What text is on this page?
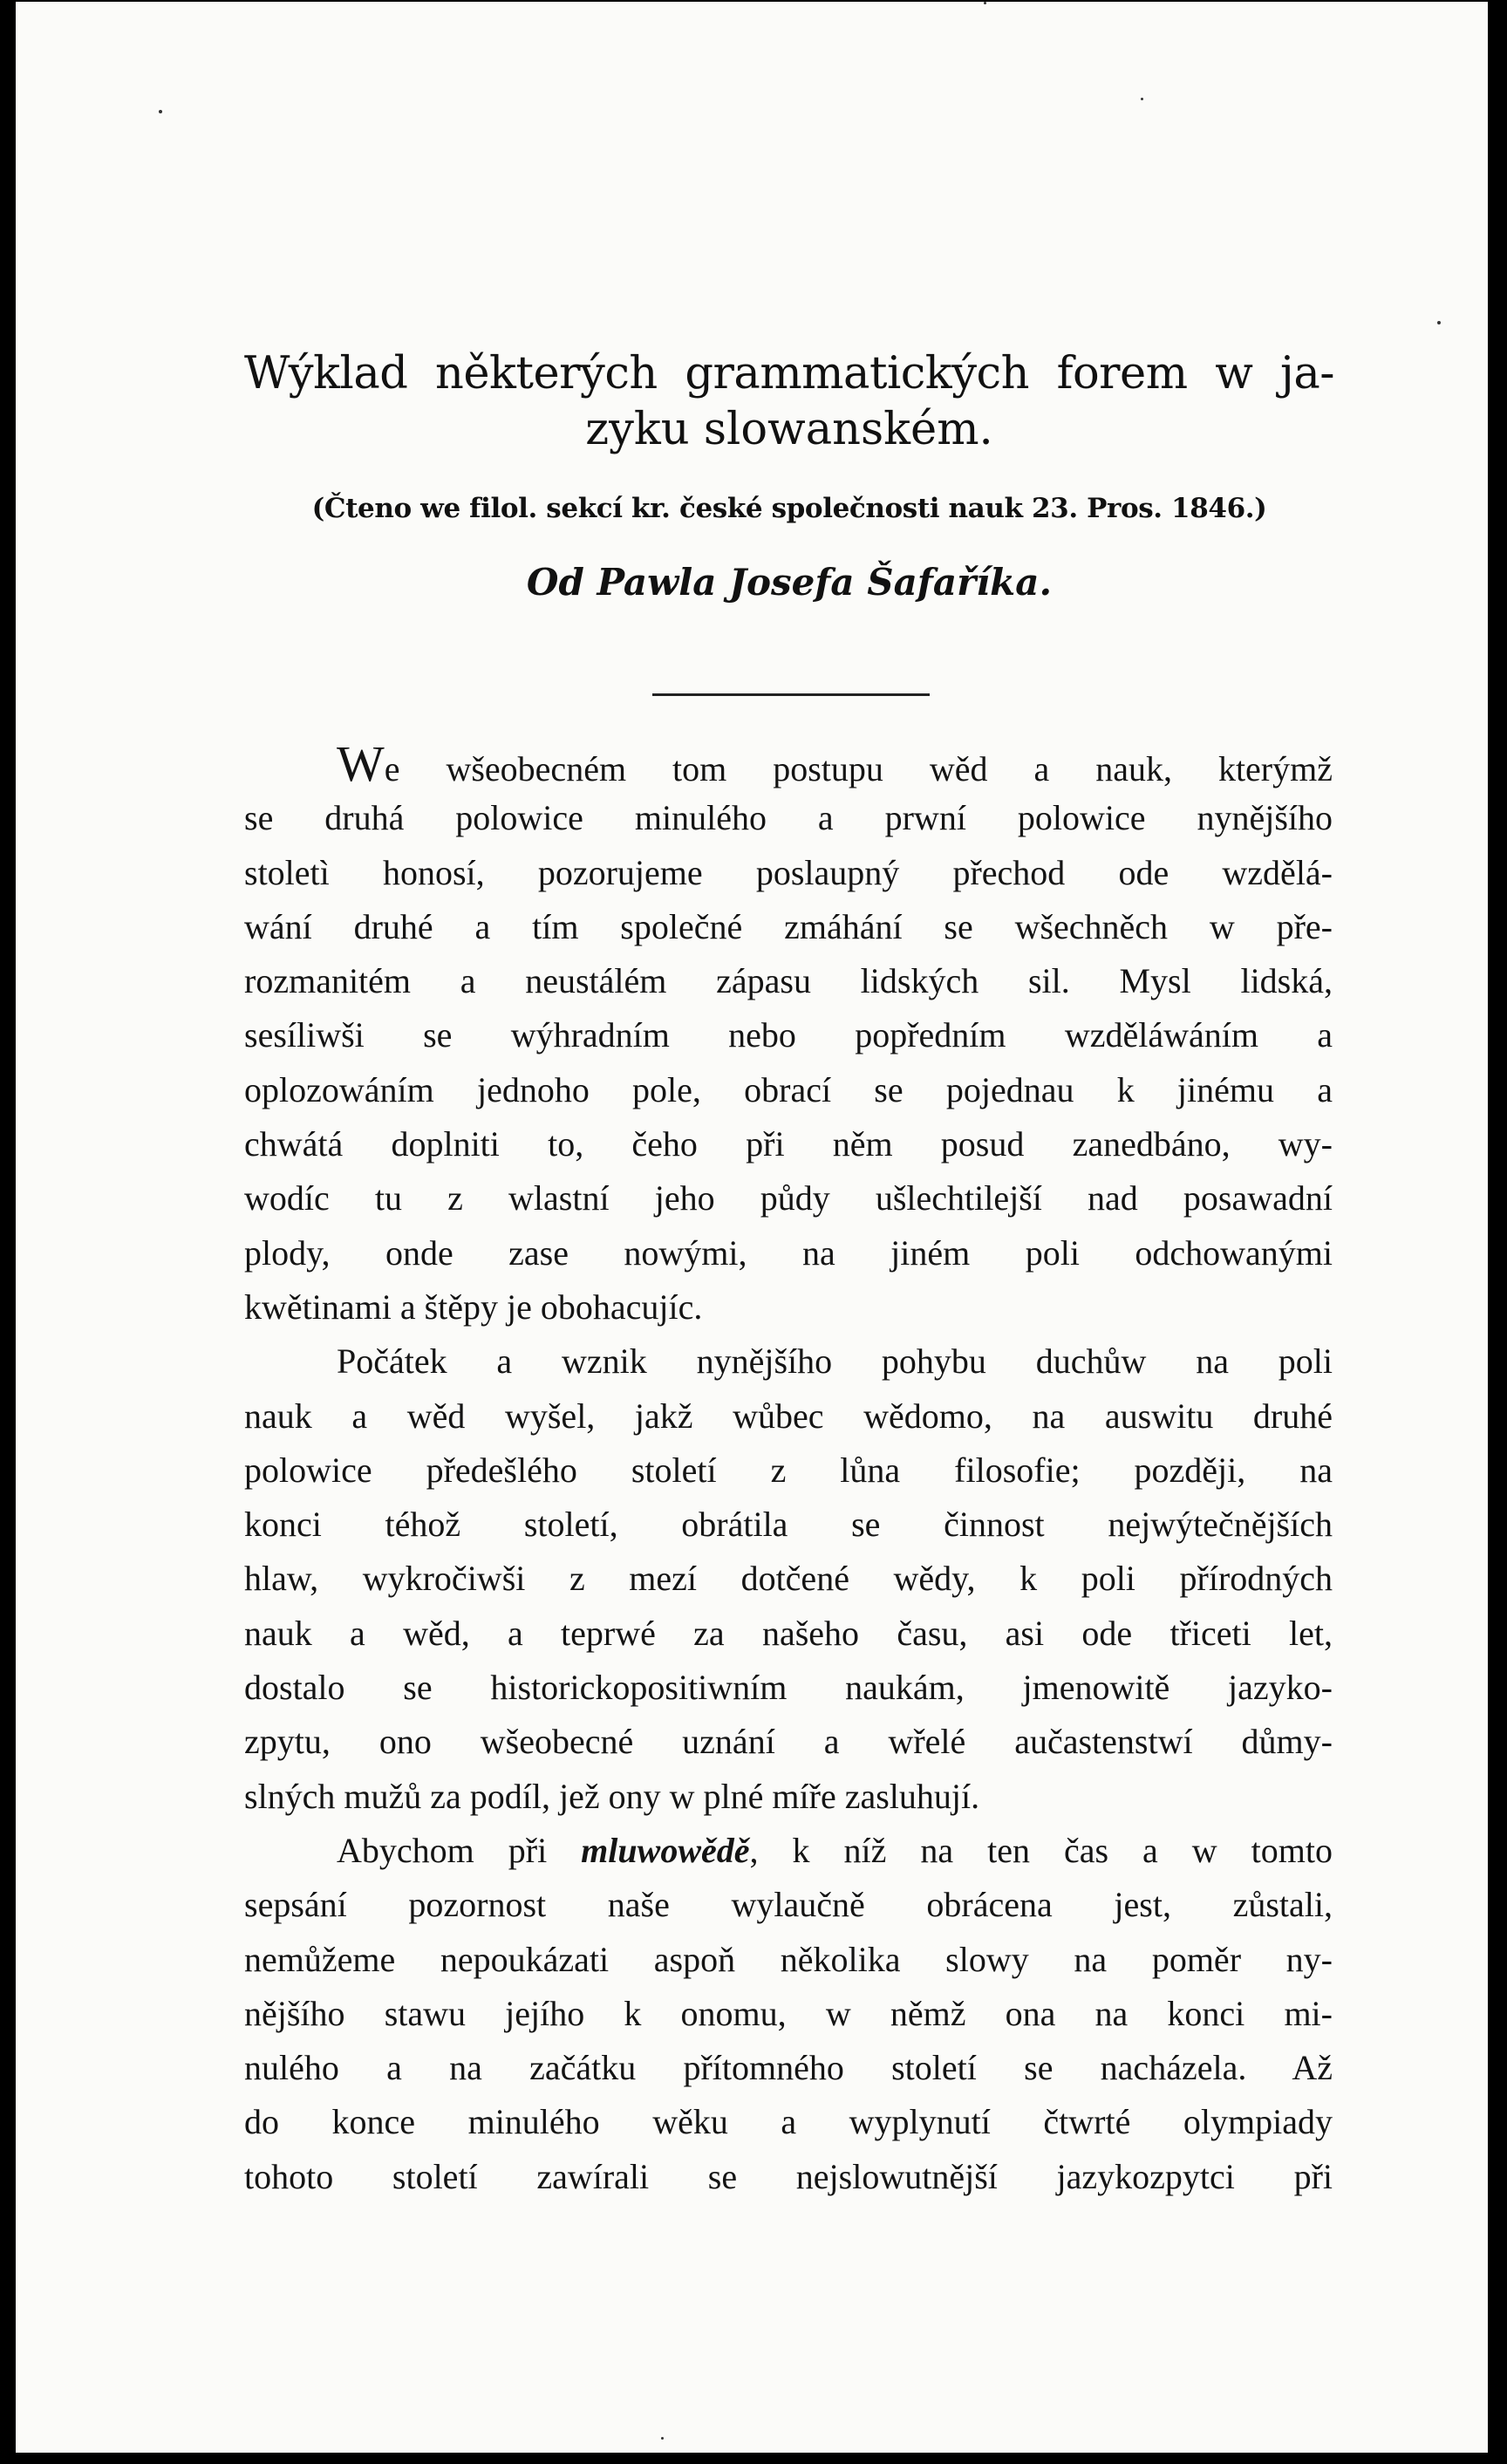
Wýklad některých grammatických forem w ja-
zyku slowanském.
(Čteno we filol. sekcí kr. české společnosti nauk 23. Pros. 1846.)
Od Pawla Josefa Šafaříka.
We wšeobecném tom postupu wěd a nauk, kterýmž
se druhá polowice minulého a prwní polowice nynějšího
stoletì honosí, pozorujeme poslaupný přechod ode wzdělá-
wání druhé a tím společné zmáhání se wšechněch w pře-
rozmanitém a neustálém zápasu lidských sil. Mysl lidská,
sesíliwši se wýhradním nebo popředním wzděláwáním a
oplozowáním jednoho pole, obrací se pojednau k jinému a
chwátá doplniti to, čeho při něm posud zanedbáno, wy-
wodíc tu z wlastní jeho půdy ušlechtilejší nad posawadní
plody, onde zase nowými, na jiném poli odchowanými
kwětinami a štěpy je obohacujíc.
Počátek a wznik nynějšího pohybu duchůw na poli
nauk a wěd wyšel, jakž wůbec wědomo, na auswitu druhé
polowice předešlého století z lůna filosofie; později, na
konci téhož století, obrátila se činnost nejwýtečnějších
hlaw, wykročiwši z mezí dotčené wědy, k poli přírodných
nauk a wěd, a teprwé za našeho času, asi ode třiceti let,
dostalo se historickopositiwním naukám, jmenowitě jazyko-
zpytu, ono wšeobecné uznání a wřelé aučastenstwí důmy-
slných mužů za podíl, jež ony w plné míře zasluhují.
Abychom při mluwowědě, k níž na ten čas a w tomto
sepsání pozornost naše wylaučně obrácena jest, zůstali,
nemůžeme nepoukázati aspoň několika slowy na poměr ny-
nějšího stawu jejího k onomu, w němž ona na konci mi-
nulého a na začátku přítomného století se nacházela. Až
do konce minulého wěku a wyplynutí čtwrté olympiady
tohoto století zawírali se nejslowutnější jazykozpytci při
